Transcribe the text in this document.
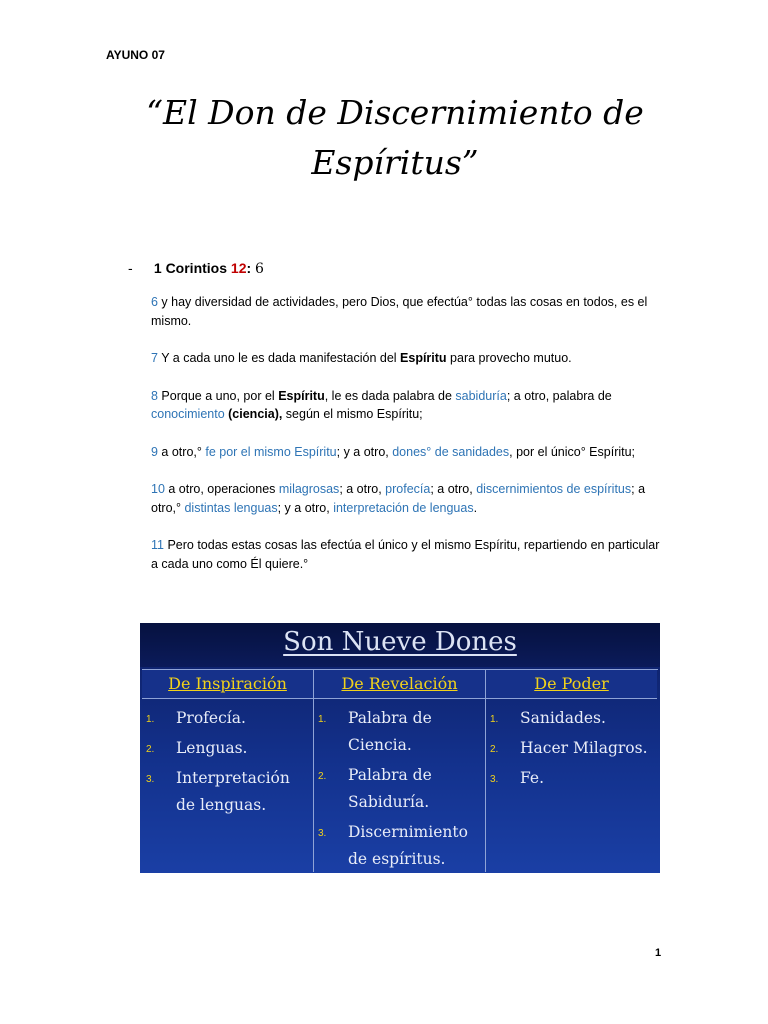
AYUNO 07
“El Don de Discernimiento de Espíritus”
- 1 Corintios 12: 6

6 y hay diversidad de actividades, pero Dios, que efectúa° todas las cosas en todos, es el mismo.

7 Y a cada uno le es dada manifestación del Espíritu para provecho mutuo.

8 Porque a uno, por el Espíritu, le es dada palabra de sabiduría; a otro, palabra de conocimiento (ciencia), según el mismo Espíritu;

9 a otro,° fe por el mismo Espíritu; y a otro, dones° de sanidades, por el único° Espíritu;

10 a otro, operaciones milagrosas; a otro, profecía; a otro, discernimientos de espíritus; a otro,° distintas lenguas; y a otro, interpretación de lenguas.

11 Pero todas estas cosas las efectúa el único y el mismo Espíritu, repartiendo en particular a cada uno como Él quiere.°

Son Nueve Dones
De Inspiración
1. Profecía.
2. Lenguas.
3. Interpretación de lenguas.
De Revelación
1. Palabra de Ciencia.
2. Palabra de Sabiduría.
3. Discernimiento de espíritus.
De Poder
1. Sanidades.
2. Hacer Milagros.
3. Fe.
1
